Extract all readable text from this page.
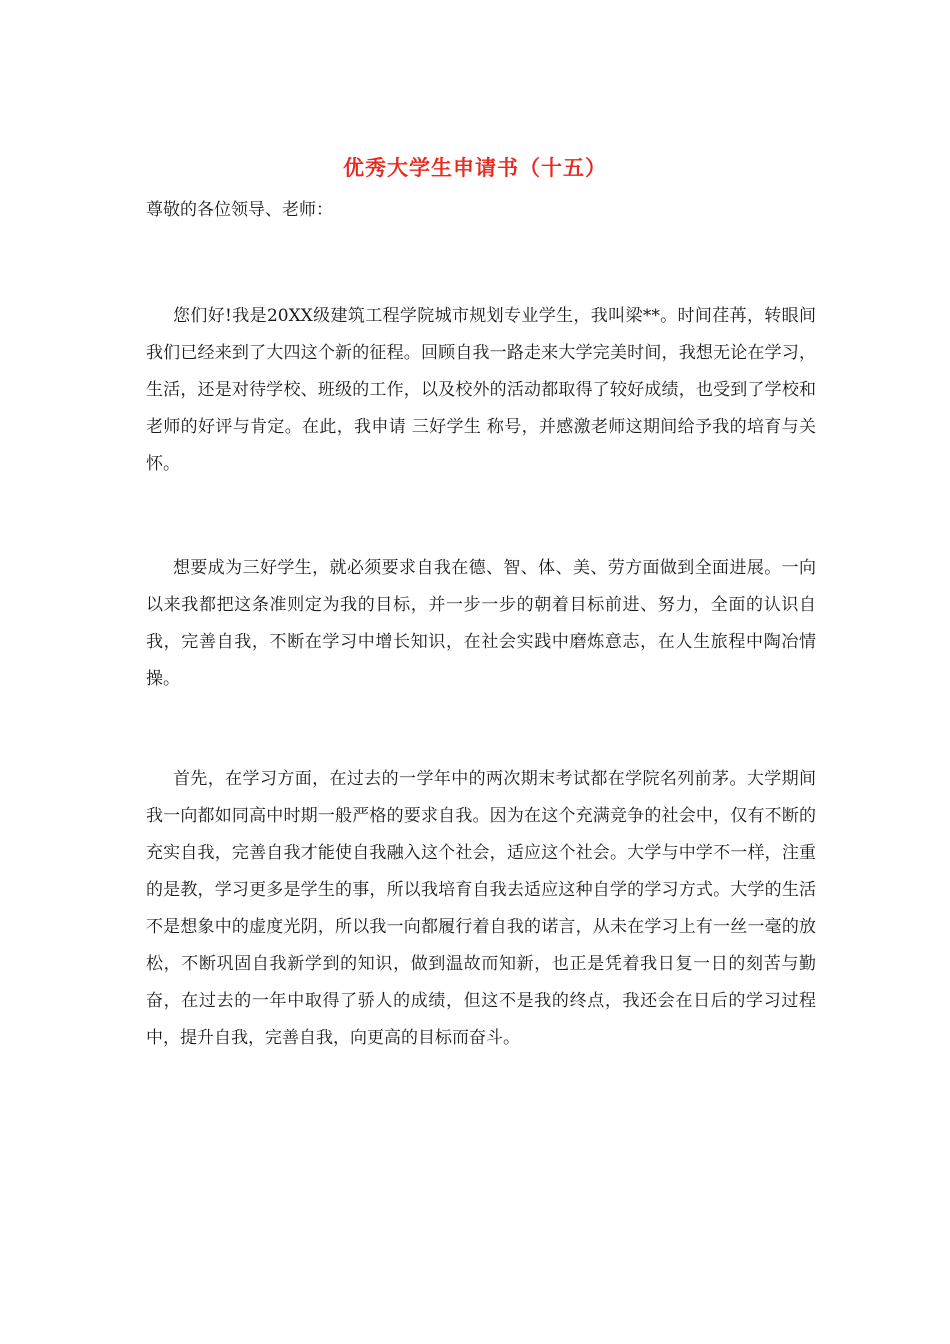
优秀大学生申请书（十五）
尊敬的各位领导、老师：

您们好!我是20XX级建筑工程学院城市规划专业学生，我叫梁**。时间荏苒，转眼间我们已经来到了大四这个新的征程。回顾自我一路走来大学完美时间，我想无论在学习，生活，还是对待学校、班级的工作，以及校外的活动都取得了较好成绩，也受到了学校和老师的好评与肯定。在此，我申请 三好学生 称号，并感激老师这期间给予我的培育与关怀。

想要成为三好学生，就必须要求自我在德、智、体、美、劳方面做到全面进展。一向以来我都把这条准则定为我的目标，并一步一步的朝着目标前进、努力，全面的认识自我，完善自我，不断在学习中增长知识，在社会实践中磨炼意志，在人生旅程中陶冶情操。

首先，在学习方面，在过去的一学年中的两次期末考试都在学院名列前茅。大学期间我一向都如同高中时期一般严格的要求自我。因为在这个充满竞争的社会中，仅有不断的充实自我，完善自我才能使自我融入这个社会，适应这个社会。大学与中学不一样，注重的是教，学习更多是学生的事，所以我培育自我去适应这种自学的学习方式。大学的生活不是想象中的虚度光阴，所以我一向都履行着自我的诺言，从未在学习上有一丝一毫的放松，不断巩固自我新学到的知识，做到温故而知新，也正是凭着我日复一日的刻苦与勤奋，在过去的一年中取得了骄人的成绩，但这不是我的终点，我还会在日后的学习过程中，提升自我，完善自我，向更高的目标而奋斗。
